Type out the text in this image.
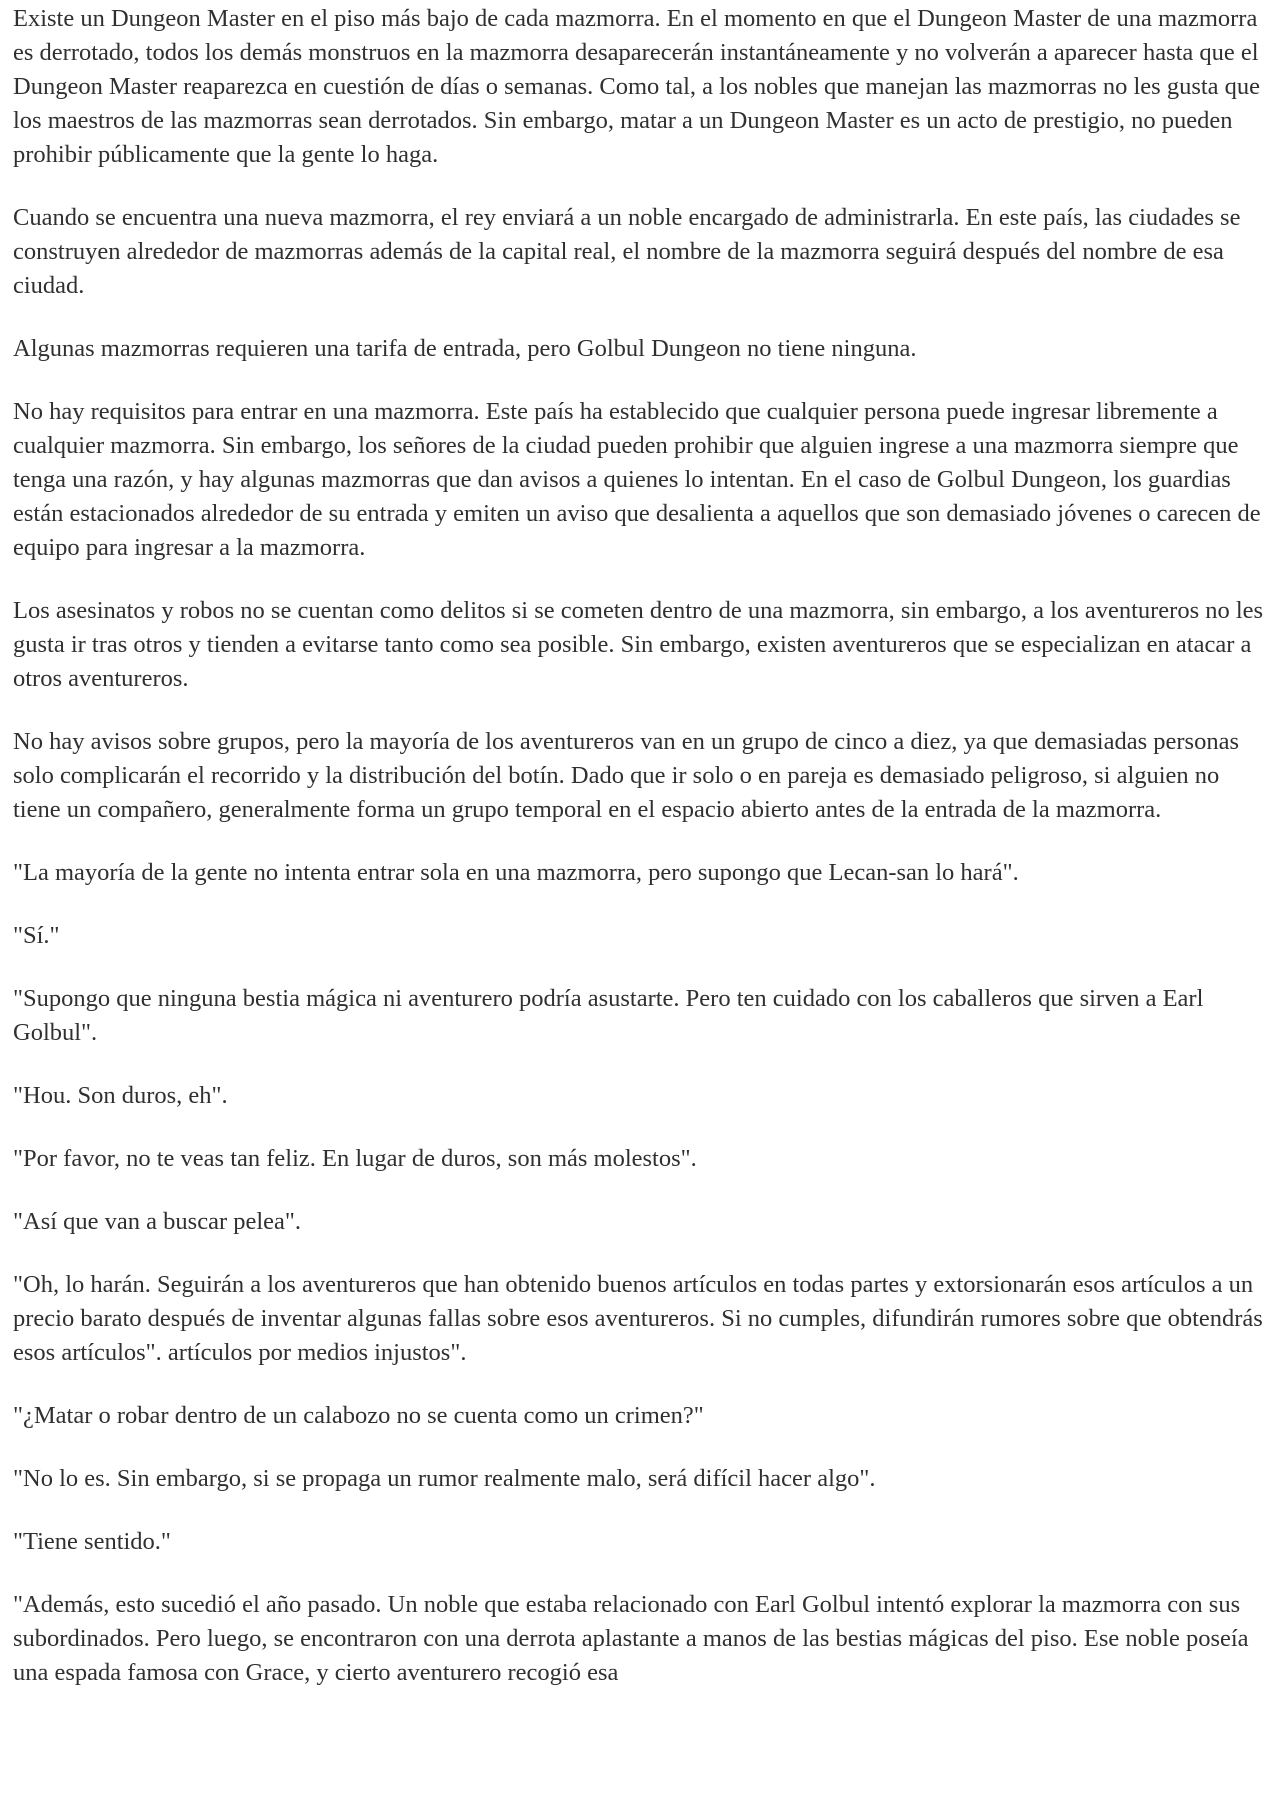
Existe un Dungeon Master en el piso más bajo de cada mazmorra. En el momento en que el Dungeon Master de una mazmorra es derrotado, todos los demás monstruos en la mazmorra desaparecerán instantáneamente y no volverán a aparecer hasta que el Dungeon Master reaparezca en cuestión de días o semanas. Como tal, a los nobles que manejan las mazmorras no les gusta que los maestros de las mazmorras sean derrotados. Sin embargo, matar a un Dungeon Master es un acto de prestigio, no pueden prohibir públicamente que la gente lo haga.

Cuando se encuentra una nueva mazmorra, el rey enviará a un noble encargado de administrarla. En este país, las ciudades se construyen alrededor de mazmorras además de la capital real, el nombre de la mazmorra seguirá después del nombre de esa ciudad.

Algunas mazmorras requieren una tarifa de entrada, pero Golbul Dungeon no tiene ninguna.

No hay requisitos para entrar en una mazmorra. Este país ha establecido que cualquier persona puede ingresar libremente a cualquier mazmorra. Sin embargo, los señores de la ciudad pueden prohibir que alguien ingrese a una mazmorra siempre que tenga una razón, y hay algunas mazmorras que dan avisos a quienes lo intentan. En el caso de Golbul Dungeon, los guardias están estacionados alrededor de su entrada y emiten un aviso que desalienta a aquellos que son demasiado jóvenes o carecen de equipo para ingresar a la mazmorra.

Los asesinatos y robos no se cuentan como delitos si se cometen dentro de una mazmorra, sin embargo, a los aventureros no les gusta ir tras otros y tienden a evitarse tanto como sea posible. Sin embargo, existen aventureros que se especializan en atacar a otros aventureros.

No hay avisos sobre grupos, pero la mayoría de los aventureros van en un grupo de cinco a diez, ya que demasiadas personas solo complicarán el recorrido y la distribución del botín. Dado que ir solo o en pareja es demasiado peligroso, si alguien no tiene un compañero, generalmente forma un grupo temporal en el espacio abierto antes de la entrada de la mazmorra.

"La mayoría de la gente no intenta entrar sola en una mazmorra, pero supongo que Lecan-san lo hará".

"Sí."

"Supongo que ninguna bestia mágica ni aventurero podría asustarte. Pero ten cuidado con los caballeros que sirven a Earl Golbul".

"Hou. Son duros, eh".

"Por favor, no te veas tan feliz. En lugar de duros, son más molestos".

"Así que van a buscar pelea".

"Oh, lo harán. Seguirán a los aventureros que han obtenido buenos artículos en todas partes y extorsionarán esos artículos a un precio barato después de inventar algunas fallas sobre esos aventureros. Si no cumples, difundirán rumores sobre que obtendrás esos artículos". artículos por medios injustos".

"¿Matar o robar dentro de un calabozo no se cuenta como un crimen?"

"No lo es. Sin embargo, si se propaga un rumor realmente malo, será difícil hacer algo".

"Tiene sentido."

"Además, esto sucedió el año pasado. Un noble que estaba relacionado con Earl Golbul intentó explorar la mazmorra con sus subordinados. Pero luego, se encontraron con una derrota aplastante a manos de las bestias mágicas del piso. Ese noble poseía una espada famosa con Grace, y cierto aventurero recogió esa
